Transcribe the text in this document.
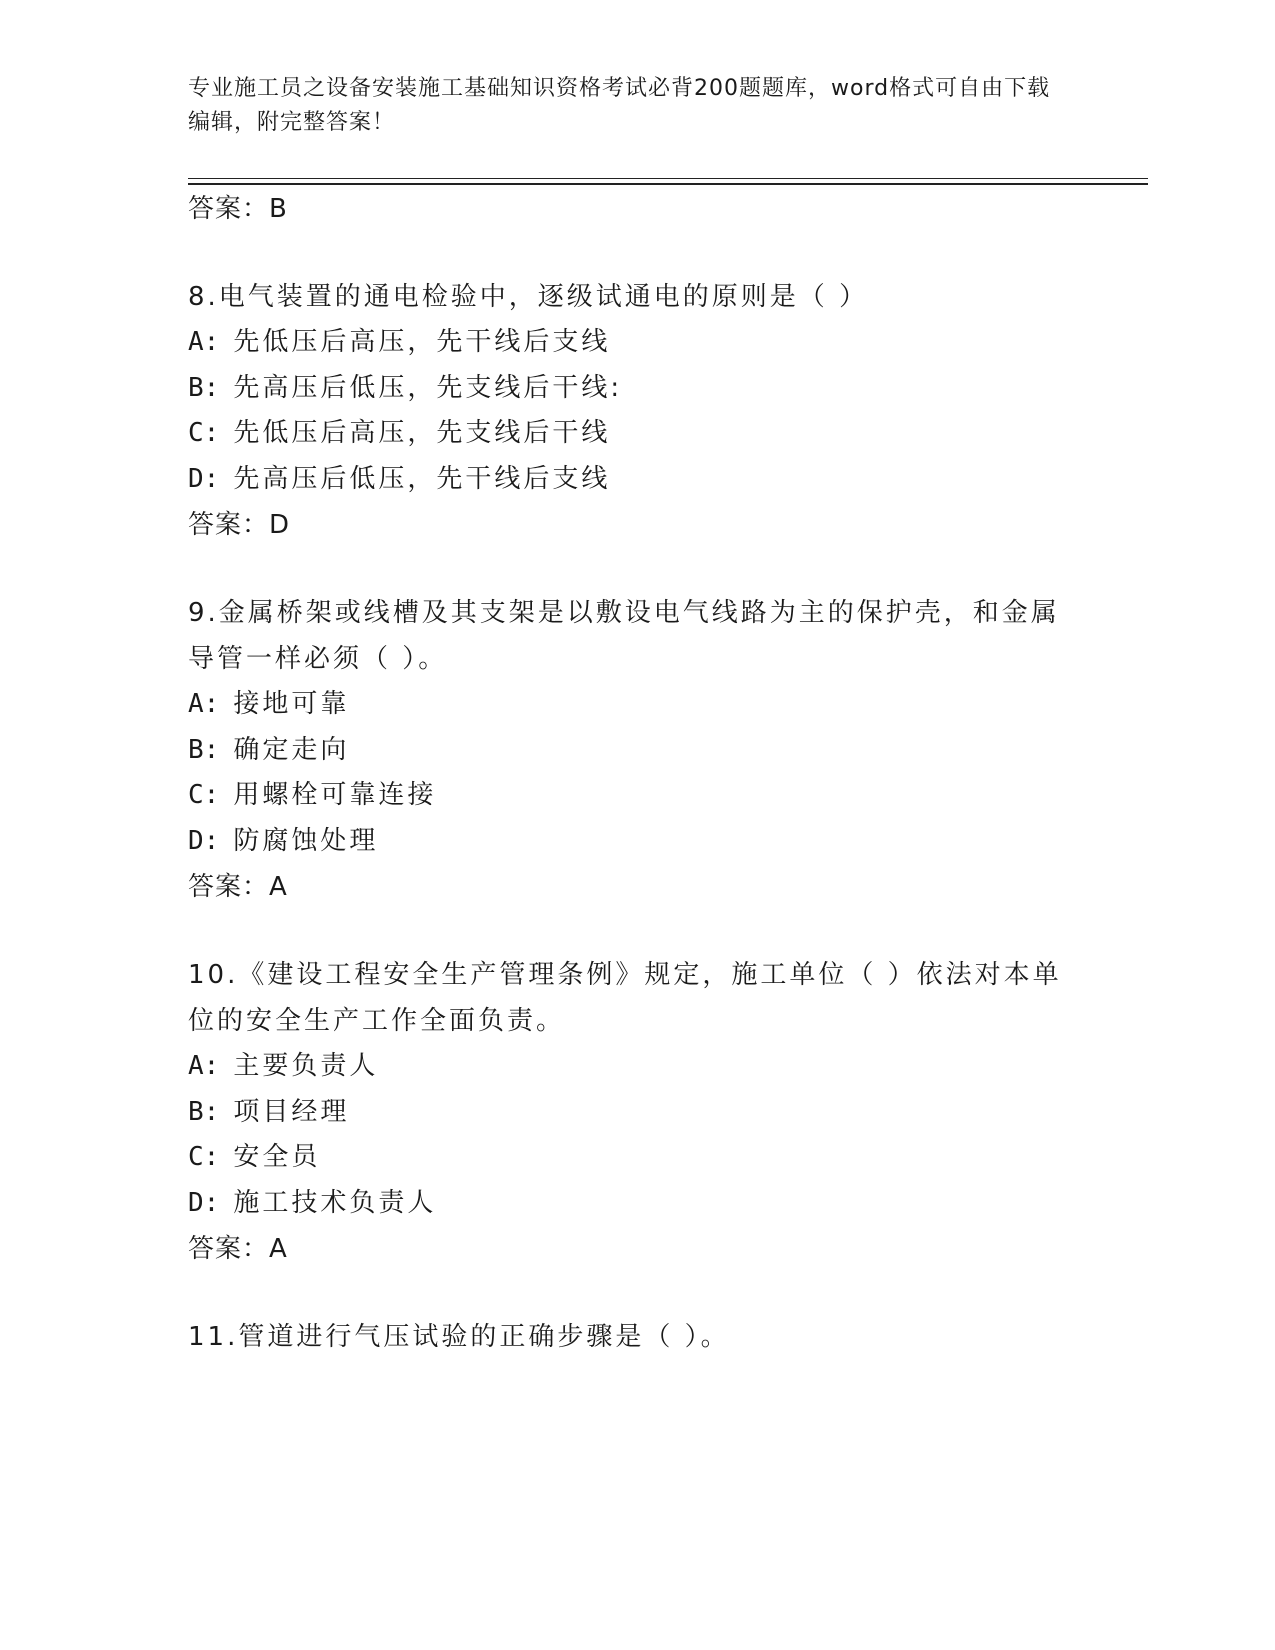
专业施工员之设备安装施工基础知识资格考试必背200题题库，word格式可自由下载编辑，附完整答案！

答案：B

8.电气装置的通电检验中，逐级试通电的原则是（ ）

A: 先低压后高压，先干线后支线

B: 先高压后低压，先支线后干线:

C: 先低压后高压，先支线后干线

D: 先高压后低压，先干线后支线

答案：D

9.金属桥架或线槽及其支架是以敷设电气线路为主的保护壳，和金属导管一样必须（ ）。

A: 接地可靠

B: 确定走向

C: 用螺栓可靠连接

D: 防腐蚀处理

答案：A

10.《建设工程安全生产管理条例》规定，施工单位（ ）依法对本单位的安全生产工作全面负责。

A: 主要负责人

B: 项目经理

C: 安全员

D: 施工技术负责人

答案：A

11.管道进行气压试验的正确步骤是（ ）。
